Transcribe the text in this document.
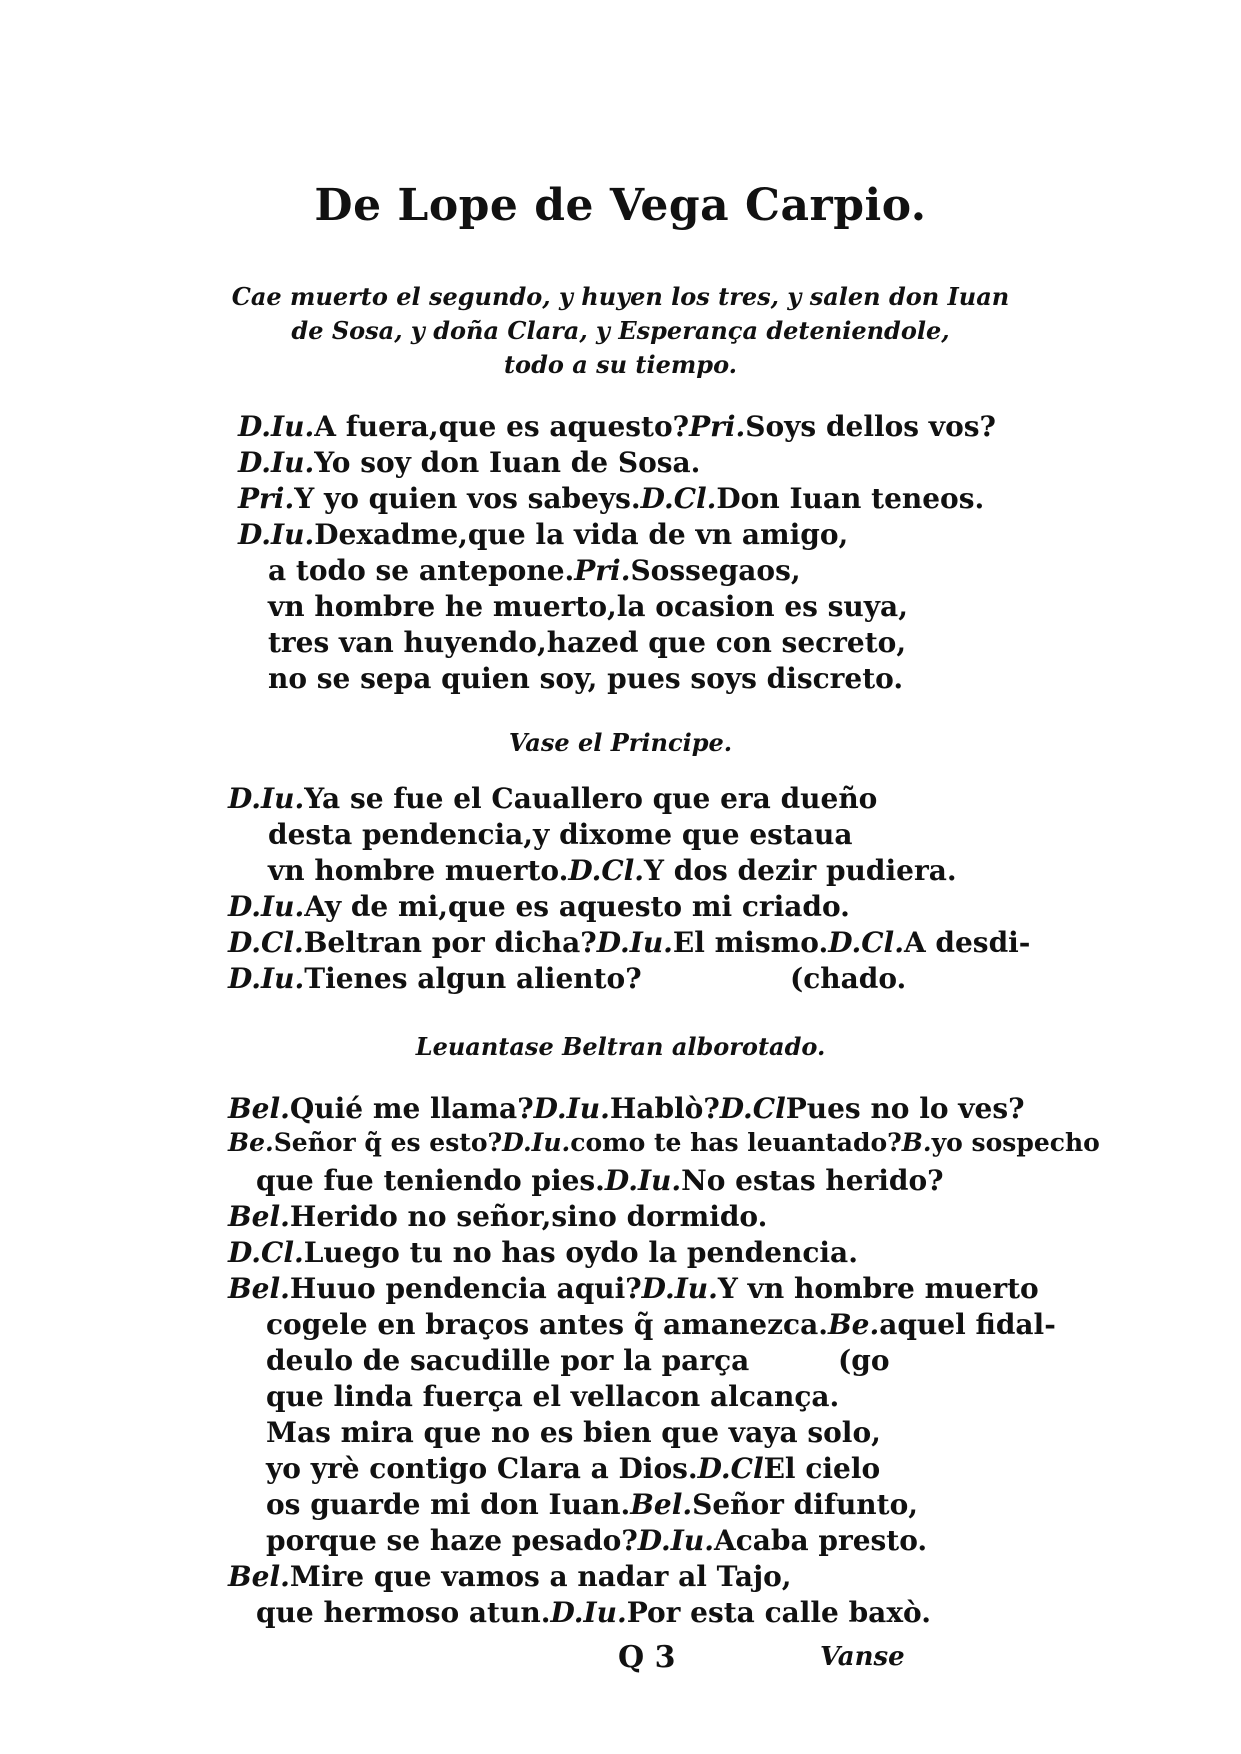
De Lope de Vega Carpio.
Cae muerto el segundo, y huyen los tres, y salen don Iuan
de Sosa, y doña Clara, y Esperança deteniendole,
todo a su tiempo.
D.Iu.A fuera,que es aquesto?Pri.Soys dellos vos?
D.Iu.Yo soy don Iuan de Sosa.
Pri.Y yo quien vos sabeys.D.Cl.Don Iuan teneos.
D.Iu.Dexadme,que la vida de vn amigo,
a todo se antepone.Pri.Sossegaos,
vn hombre he muerto,la ocasion es suya,
tres van huyendo,hazed que con secreto,
no se sepa quien soy, pues soys discreto.
Vase el Principe.
D.Iu.Ya se fue el Cauallero que era dueño
desta pendencia,y dixome que estaua
vn hombre muerto.D.Cl.Y dos dezir pudiera.
D.Iu.Ay de mi,que es aquesto mi criado.
D.Cl.Beltran por dicha?D.Iu.El mismo.D.Cl.A desdi-
D.Iu.Tienes algun aliento?	(chado.
Leuantase Beltran alborotado.
Bel.Quié me llama?D.Iu.Hablò?D.ClPues no lo ves?
Be.Señor q̃ es esto?D.Iu.como te has leuantado?B.yo sospecho
que fue teniendo pies.D.Iu.No estas herido?
Bel.Herido no señor,sino dormido.
D.Cl.Luego tu no has oydo la pendencia.
Bel.Huuo pendencia aqui?D.Iu.Y vn hombre muerto
cogele en braços antes q̃ amanezca.Be.aquel fidal-
deulo de sacudille por la parça	(go
que linda fuerça el vellacon alcança.
Mas mira que no es bien que vaya solo,
yo yrè contigo Clara a Dios.D.ClEl cielo
os guarde mi don Iuan.Bel.Señor difunto,
porque se haze pesado?D.Iu.Acaba presto.
Bel.Mire que vamos a nadar al Tajo,
que hermoso atun.D.Iu.Por esta calle baxò.
Q 3	Vanse
